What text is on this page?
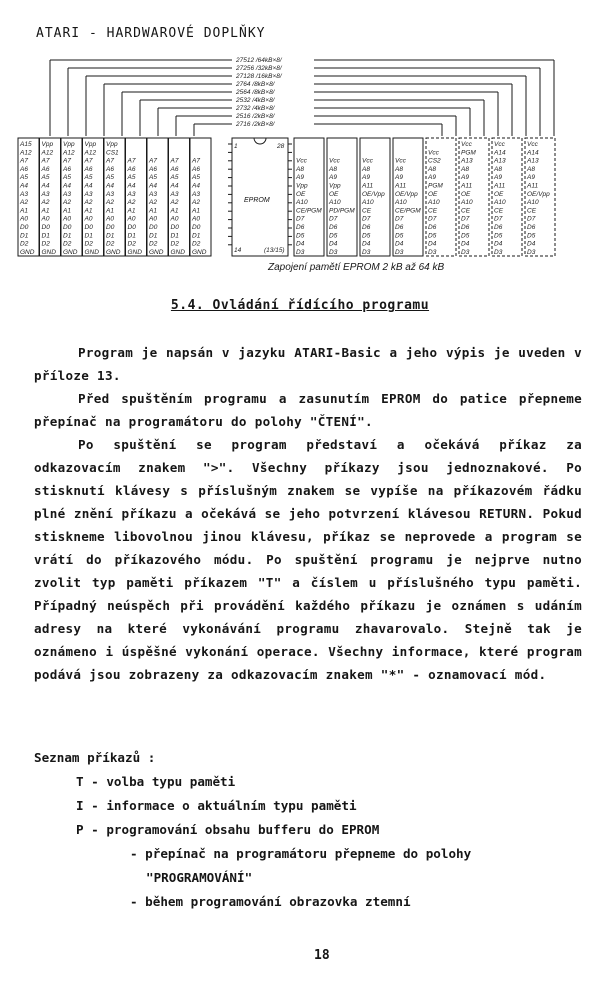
ATARI - HARDWAROVÉ DOPLŇKY
27512 /64kB×8/
27256 /32kB×8/
27128 /16kB×8/
2764 /8kB×8/
2564 /8kB×8/
2532 /4kB×8/
2732 /4kB×8/
2516 /2kB×8/
2716 /2kB×8/
A15
A12
A7
A6
A5
A4
A3
A2
A1
A0
D0
D1
D2
GND
Vpp
A12
A7
A6
A5
A4
A3
A2
A1
A0
D0
D1
D2
GND
Vpp
A12
A7
A6
A5
A4
A3
A2
A1
A0
D0
D1
D2
GND
Vpp
A12
A7
A6
A5
A4
A3
A2
A1
A0
D0
D1
D2
GND
Vpp
CS1
A7
A6
A5
A4
A3
A2
A1
A0
D0
D1
D2
GND
A7
A6
A5
A4
A3
A2
A1
A0
D0
D1
D2
GND
A7
A6
A5
A4
A3
A2
A1
A0
D0
D1
D2
GND
A7
A6
A5
A4
A3
A2
A1
A0
D0
D1
D2
GND
A7
A6
A5
A4
A3
A2
A1
A0
D0
D1
D2
GND
EPROM
1	28
14	(13/15)
Vcc
A8
A9
Vpp
OE
A10
CE/PGM
D7
D6
D5
D4
D3
Vcc
A8
A9
Vpp
OE
A10
PD/PGM
D7
D6
D5
D4
D3
Vcc
A8
A9
A11
OE/Vpp
A10
CE
D7
D6
D5
D4
D3
Vcc
A8
A9
A11
OE/Vpp
A10
CE/PGM
D7
D6
D5
D4
D3
Vcc
CS2
A8
A9
PGM
OE
A10
CE
D7
D6
D5
D4
D3
Vcc
PGM
A13
A8
A9
A11
OE
A10
CE
D7
D6
D5
D4
D3
Vcc
A14
A13
A8
A9
A11
OE
A10
CE
D7
D6
D5
D4
D3
Vcc
A14
A13
A8
A9
A11
OE/Vpp
A10
CE
D7
D6
D5
D4
D3
Zapojení pamětí EPROM 2 kB až 64 kB
5.4. Ovládání řídícího programu

Program je napsán v jazyku ATARI-Basic a jeho výpis je uveden v příloze 13.

Před spuštěním programu a zasunutím EPROM do patice přepneme přepínač na programátoru do polohy "ČTENÍ".

Po spuštění se program představí a očekává příkaz za odkazovacím znakem ">". Všechny příkazy jsou jednoznakové. Po stisknutí klávesy s příslušným znakem se vypíše na příkazovém řádku plné znění příkazu a očekává se jeho potvrzení klávesou RETURN. Pokud stiskneme libovolnou jinou klávesu, příkaz se neprovede a program se vrátí do příkazového módu. Po spuštění programu je nejprve nutno zvolit typ paměti příkazem "T" a číslem u příslušného typu paměti. Případný neúspěch při provádění každého příkazu je oznámen s udáním adresy na které vykonávání programu zhavarovalo. Stejně tak je oznámeno i úspěšné vykonání operace. Všechny informace, které program podává jsou zobrazeny za odkazovacím znakem "*" - oznamovací mód.

Seznam příkazů :
T - volba typu paměti
I - informace o aktuálním typu paměti
P - programování obsahu bufferu do EPROM
- přepínač na programátoru přepneme do polohy
"PROGRAMOVÁNÍ"
- během programování obrazovka ztemní
18
